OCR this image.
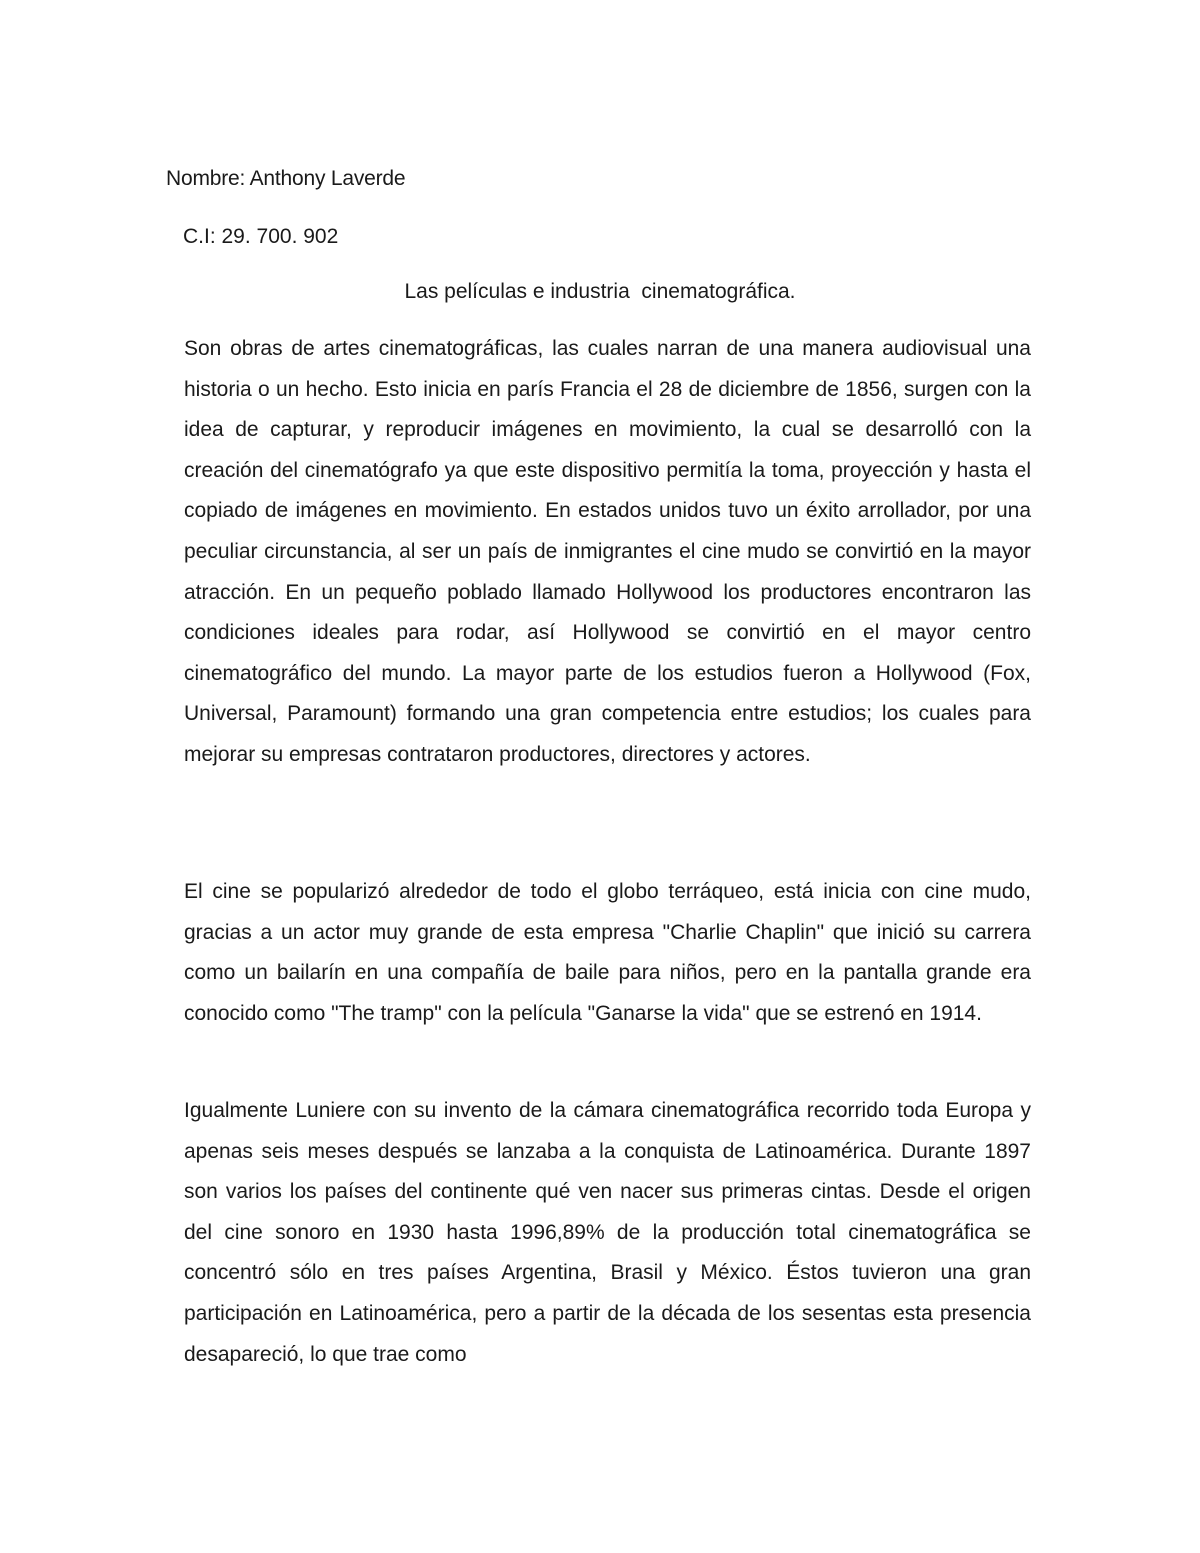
Nombre: Anthony Laverde
C.I: 29. 700. 902
Las películas e industria  cinematográfica.

Son obras de artes cinematográficas, las cuales narran de una manera audiovisual una historia o un hecho. Esto inicia en parís Francia el 28 de diciembre de 1856, surgen con la idea de capturar, y reproducir imágenes en movimiento, la cual se desarrolló con la creación del cinematógrafo ya que este dispositivo permitía la toma, proyección y hasta el copiado de imágenes en movimiento. En estados unidos tuvo un éxito arrollador, por una peculiar circunstancia, al ser un país de inmigrantes el cine mudo se convirtió en la mayor atracción. En un pequeño poblado llamado Hollywood los productores encontraron las condiciones ideales para rodar, así Hollywood se convirtió en el mayor centro cinematográfico del mundo. La mayor parte de los estudios fueron a Hollywood (Fox, Universal, Paramount) formando una gran competencia entre estudios; los cuales para mejorar su empresas contrataron productores, directores y actores.

El cine se popularizó alrededor de todo el globo terráqueo, está inicia con cine mudo, gracias a un actor muy grande de esta empresa "Charlie Chaplin" que inició su carrera como un bailarín en una compañía de baile para niños, pero en la pantalla grande era conocido como "The tramp" con la película "Ganarse la vida" que se estrenó en 1914.

Igualmente Luniere con su invento de la cámara cinematográfica recorrido toda Europa y apenas seis meses después se lanzaba a la conquista de Latinoamérica. Durante 1897 son varios los países del continente qué ven nacer sus primeras cintas. Desde el origen del cine sonoro en 1930 hasta 1996,89% de la producción total cinematográfica se concentró sólo en tres países Argentina, Brasil y México. Éstos tuvieron una gran participación en Latinoamérica, pero a partir de la década de los sesentas esta presencia desapareció, lo que trae como
